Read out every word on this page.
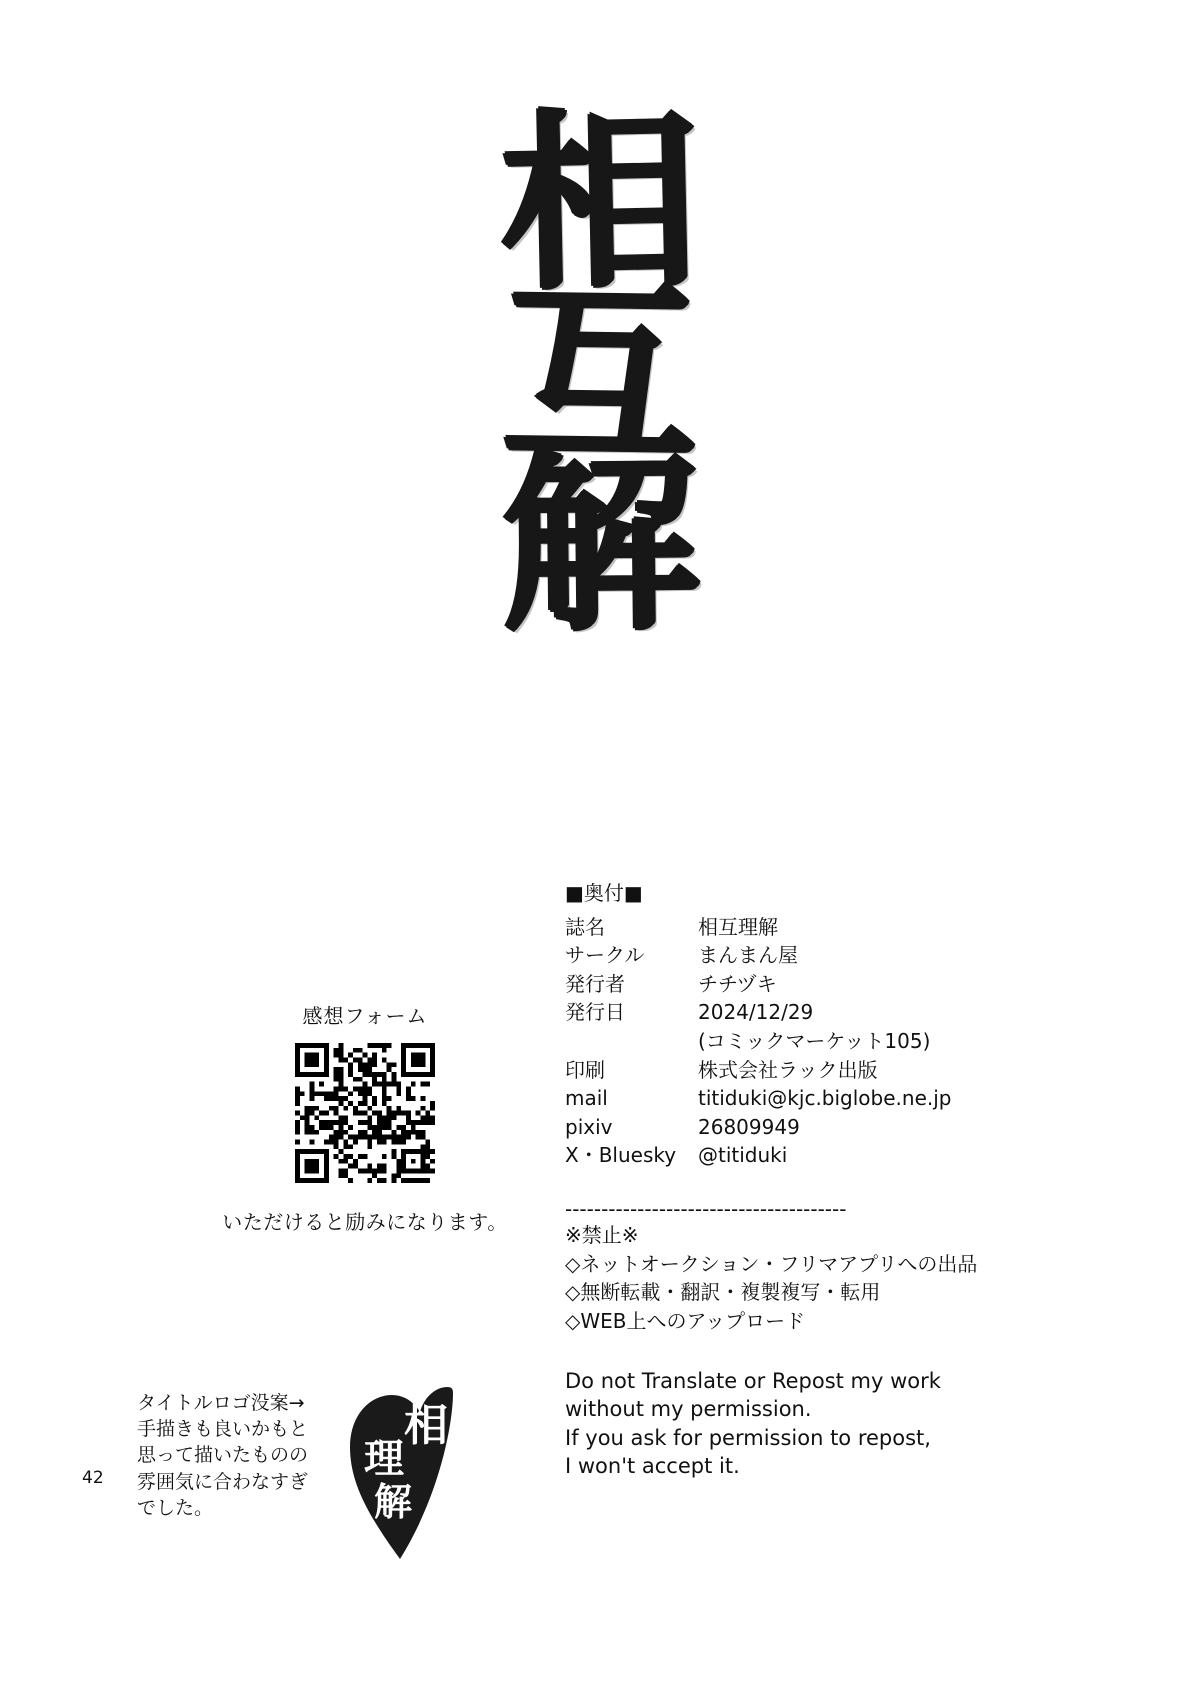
相
互
解
感想フォーム
いただけると励みになります。
■奥付■
誌名	相互理解
サークル	まんまん屋
発行者	チチヅキ
発行日	2024/12/29
(コミックマーケット105)
印刷	株式会社ラック出版
mail	titiduki@kjc.biglobe.ne.jp
pixiv	26809949
X・Bluesky	@titiduki
---------------------------------------
※禁止※
◇ネットオークション・フリマアプリへの出品
◇無断転載・翻訳・複製複写・転用
◇WEB上へのアップロード
Do not Translate or Repost my work
without my permission.
If you ask for permission to repost,
I won't accept it.
42
タイトルロゴ没案→
手描きも良いかもと
思って描いたものの
雰囲気に合わなすぎ
でした。
相
理
解
